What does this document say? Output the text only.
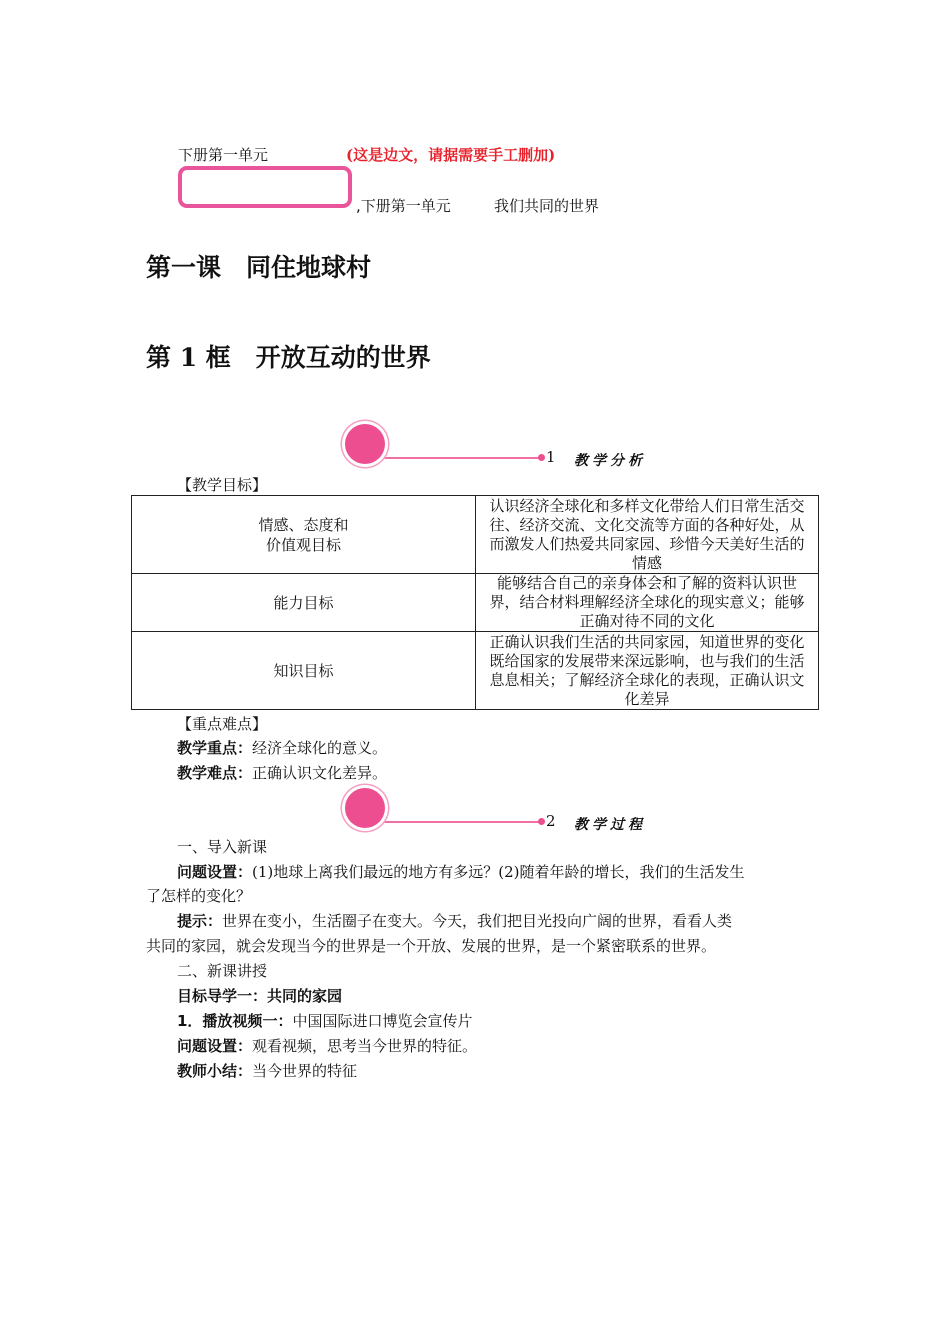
下册第一单元	(这是边文，请据需要手工删加)
,下册第一单元	我们共同的世界
第一课　同住地球村
第 1 框　开放互动的世界
1 教学分析
【教学目标】
情感、态度和
价值观目标	认识经济全球化和多样文化带给人们日常生活交往、经济交流、文化交流等方面的各种好处，从而激发人们热爱共同家园、珍惜今天美好生活的情感
能力目标	能够结合自己的亲身体会和了解的资料认识世界，结合材料理解经济全球化的现实意义；能够正确对待不同的文化
知识目标	正确认识我们生活的共同家园，知道世界的变化既给国家的发展带来深远影响，也与我们的生活息息相关；了解经济全球化的表现，正确认识文化差异
【重点难点】
教学重点：经济全球化的意义。
教学难点：正确认识文化差异。
2 教学过程
一、导入新课
问题设置：(1)地球上离我们最远的地方有多远？(2)随着年龄的增长，我们的生活发生
了怎样的变化？
提示：世界在变小，生活圈子在变大。今天，我们把目光投向广阔的世界，看看人类
共同的家园，就会发现当今的世界是一个开放、发展的世界，是一个紧密联系的世界。
二、新课讲授
目标导学一：共同的家园
1．播放视频一：中国国际进口博览会宣传片
问题设置：观看视频，思考当今世界的特征。
教师小结：当今世界的特征
